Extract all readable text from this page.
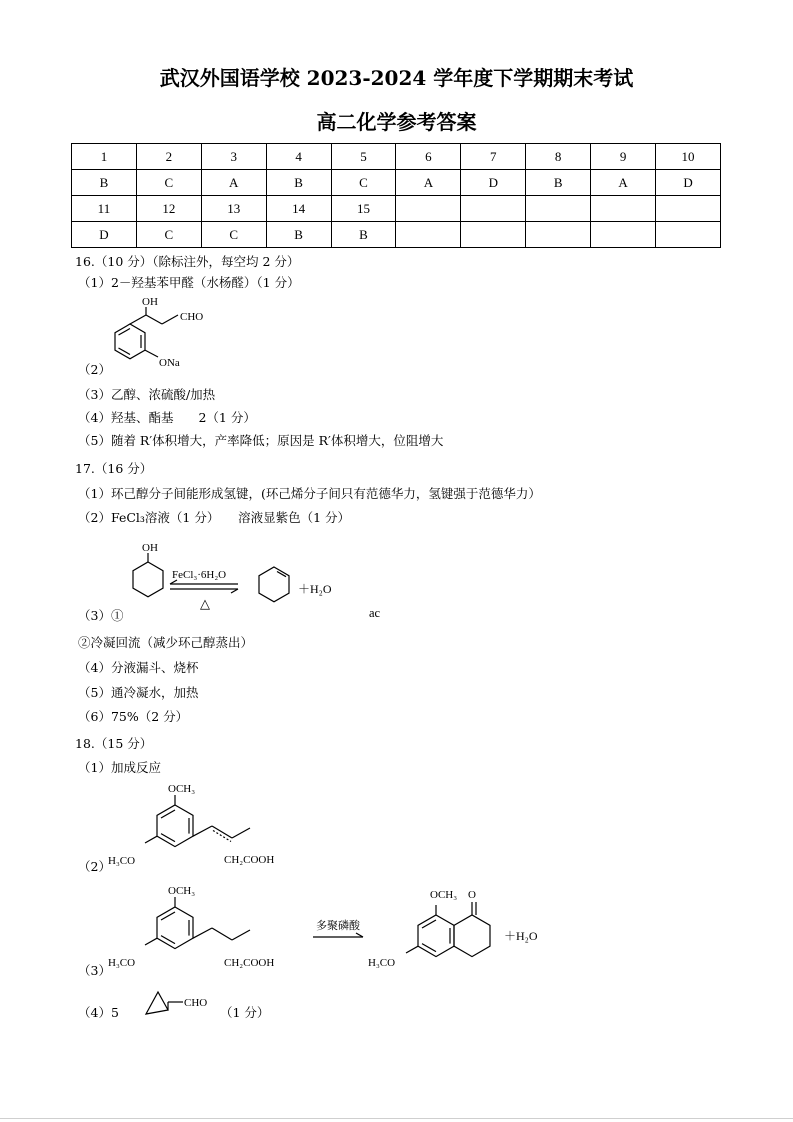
武汉外国语学校 2023-2024 学年度下学期期末考试
高二化学参考答案
1	2	3	4	5	6	7	8	9	10
B	C	A	B	C	A	D	B	A	D
11	12	13	14	15					
D	C	C	B	B					
16.（10 分）（除标注外，每空均 2 分）
（1）2－羟基苯甲醛（水杨醛）（1 分）
OH
CHO
ONa
（2）
（3）乙醇、浓硫酸/加热
（4）羟基、酯基　　2（1 分）
（5）随着 R′体积增大，产率降低；原因是 R′体积增大，位阻增大
17.（16 分）
（1）环己醇分子间能形成氢键，(环己烯分子间只有范德华力，氢键强于范德华力）
（2）FeCl₃溶液（1 分）　　溶液显紫色（1 分）
OH
FeCl₃·6H₂O
△
＋H₂O
（3）①	ac
②冷凝回流（减少环己醇蒸出）
（4）分液漏斗、烧杯
（5）通冷凝水，加热
（6）75%（2 分）
18.（15 分）
（1）加成反应
OCH₃
H₃CO	CH₂COOH
（2）
OCH₃
H₃CO	CH₂COOH
多聚磷酸
OCH₃ O
H₃CO
＋H₂O
（3）
（4）5
CHO
（1 分）
